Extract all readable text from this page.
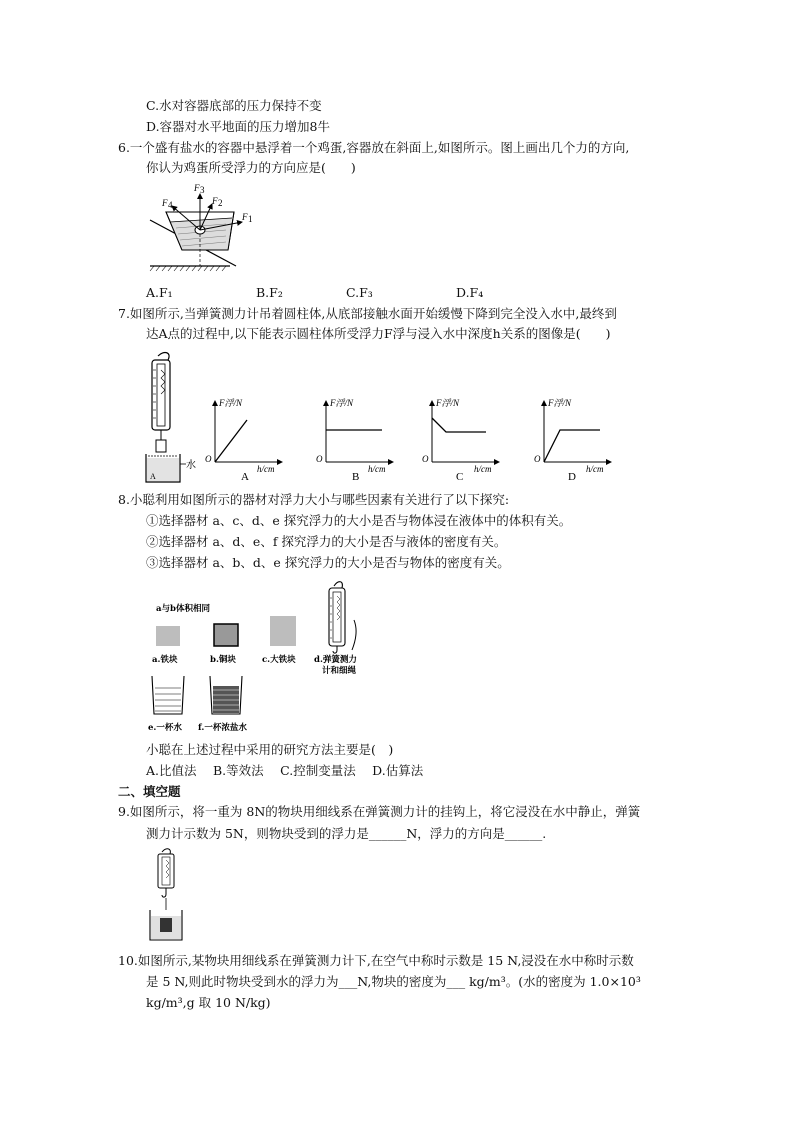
C.水对容器底部的压力保持不变
D.容器对水平地面的压力增加8牛
6.一个盛有盐水的容器中悬浮着一个鸡蛋,容器放在斜面上,如图所示。图上画出几个力的方向,
你认为鸡蛋所受浮力的方向应是(　　)
F 3
F 2
F 1
F 4
A.F₁	B.F₂	C.F₃	D.F₄
7.如图所示,当弹簧测力计吊着圆柱体,从底部接触水面开始缓慢下降到完全没入水中,最终到
达A点的过程中,以下能表示圆柱体所受浮力F浮与浸入水中深度h关系的图像是(　　)
水
A
F浮/N
O
h/cm
A
F浮/N
O
h/cm
B
F浮/N
O
h/cm
C
F浮/N
O
h/cm
D
8.小聪利用如图所示的器材对浮力大小与哪些因素有关进行了以下探究:
①选择器材 a、c、d、e 探究浮力的大小是否与物体浸在液体中的体积有关。
②选择器材 a、d、e、f 探究浮力的大小是否与液体的密度有关。
③选择器材 a、b、d、e 探究浮力的大小是否与物体的密度有关。
a与b体积相同
a.铁块	b.铜块	c.大铁块 d.弹簧测力
计和细绳
e.一杯水 f.一杯浓盐水
小聪在上述过程中采用的研究方法主要是(　)
A.比值法　 B.等效法　 C.控制变量法　 D.估算法
二、填空题
9.如图所示，将一重为 8N的物块用细线系在弹簧测力计的挂钩上，将它浸没在水中静止，弹簧
测力计示数为 5N，则物块受到的浮力是______N，浮力的方向是______.
10.如图所示,某物块用细线系在弹簧测力计下,在空气中称时示数是 15 N,浸没在水中称时示数
是 5 N,则此时物块受到水的浮力为___N,物块的密度为___ kg/m³。(水的密度为 1.0×10³
kg/m³,g 取 10 N/kg)
